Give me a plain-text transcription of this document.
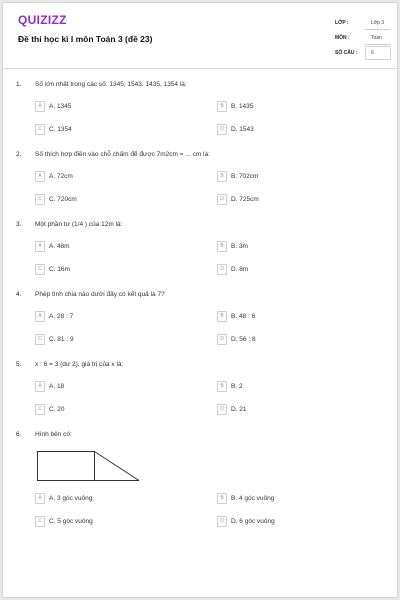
QUIZIZZ
Đề thi học kì I môn Toán 3 (đề 23)
LỚP :	Lớp 3
MÔN :	Toán
SỐ CÂU :	6
1. Số lớn nhất trong các số: 1345, 1543, 1435, 1354 là:
A	A. 1345	B	B. 1435
C	C. 1354	D	D. 1543
2. Số thích hợp điền vào chỗ chấm để được 7m2cm = ... cm là:
A	A. 72cm	B	B. 702cm
C	C. 720cm	D	D. 725cm
3. Một phần tư (1/4 ) của 12m là:
A	A. 48m	B	B. 3m
C	C. 16m	D	D. 8m
4. Phép tính chia nào dưới đây có kết quả là 7?
A	A. 28 : 7	B	B. 48 : 6
C	C. 81 : 9	D	D. 56 : 8
5. x : 6 = 3 (dư 2), giá trị của x là:
A	A. 18	B	B. 2
C	C. 20	D	D. 21
6. Hình bên có:
A	A. 3 góc vuông	B	B. 4 góc vuông
C	C. 5 góc vuông	D	D. 6 góc vuông
